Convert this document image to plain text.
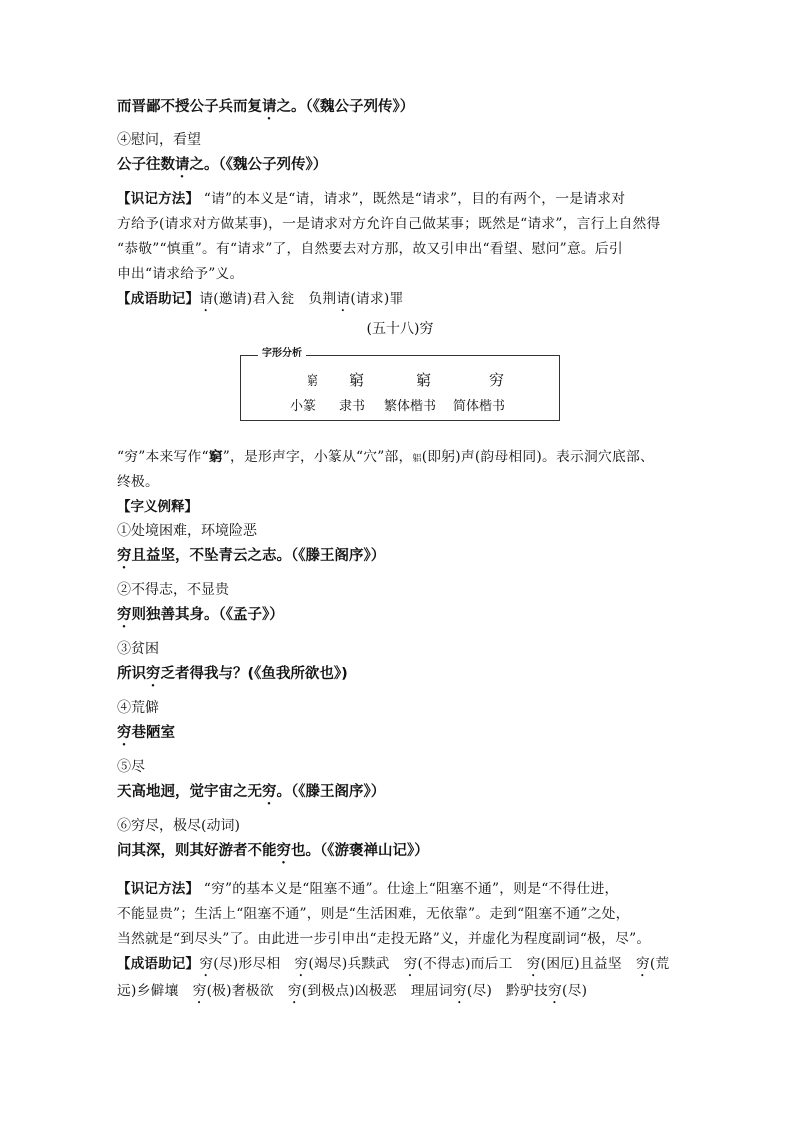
而晋鄙不授公子兵而复请之。（《魏公子列传》）
④慰问，看望
公子往数请之。（《魏公子列传》）
【识记方法】 “请”的本义是“请，请求”，既然是“请求”，目的有两个，一是请求对
方给予(请求对方做某事)，一是请求对方允许自己做某事；既然是“请求”，言行上自然得
“恭敬”“慎重”。有“请求”了，自然要去对方那，故又引申出“看望、慰问”意。后引
申出“请求给予”义。
【成语助记】请(邀请)君入瓮　负荆请(请求)罪
(五十八)穷
字形分析
窮 窮	窮	穷
小篆 隶书 繁体楷书 简体楷书
“穷”本来写作“窮”，是形声字，小篆从“穴”部，躳(即躬)声(韵母相同)。表示洞穴底部、
终极。
【字义例释】
①处境困难，环境险恶
穷且益坚，不坠青云之志。（《滕王阁序》）
②不得志，不显贵
穷则独善其身。（《孟子》）
③贫困
所识穷乏者得我与？(《鱼我所欲也》)
④荒僻
穷巷陋室
⑤尽
天高地迥，觉宇宙之无穷。（《滕王阁序》）
⑥穷尽，极尽(动词)
问其深，则其好游者不能穷也。（《游褒禅山记》）
【识记方法】 “穷”的基本义是“阻塞不通”。仕途上“阻塞不通”，则是“不得仕进，
不能显贵”；生活上“阻塞不通”，则是“生活困难，无依靠”。走到“阻塞不通”之处，
当然就是“到尽头”了。由此进一步引申出“走投无路”义，并虚化为程度副词“极，尽”。
【成语助记】穷(尽)形尽相　穷(竭尽)兵黩武　穷(不得志)而后工　穷(困厄)且益坚　穷(荒
远)乡僻壤　穷(极)奢极欲　穷(到极点)凶极恶　理屈词穷(尽)　黔驴技穷(尽)
